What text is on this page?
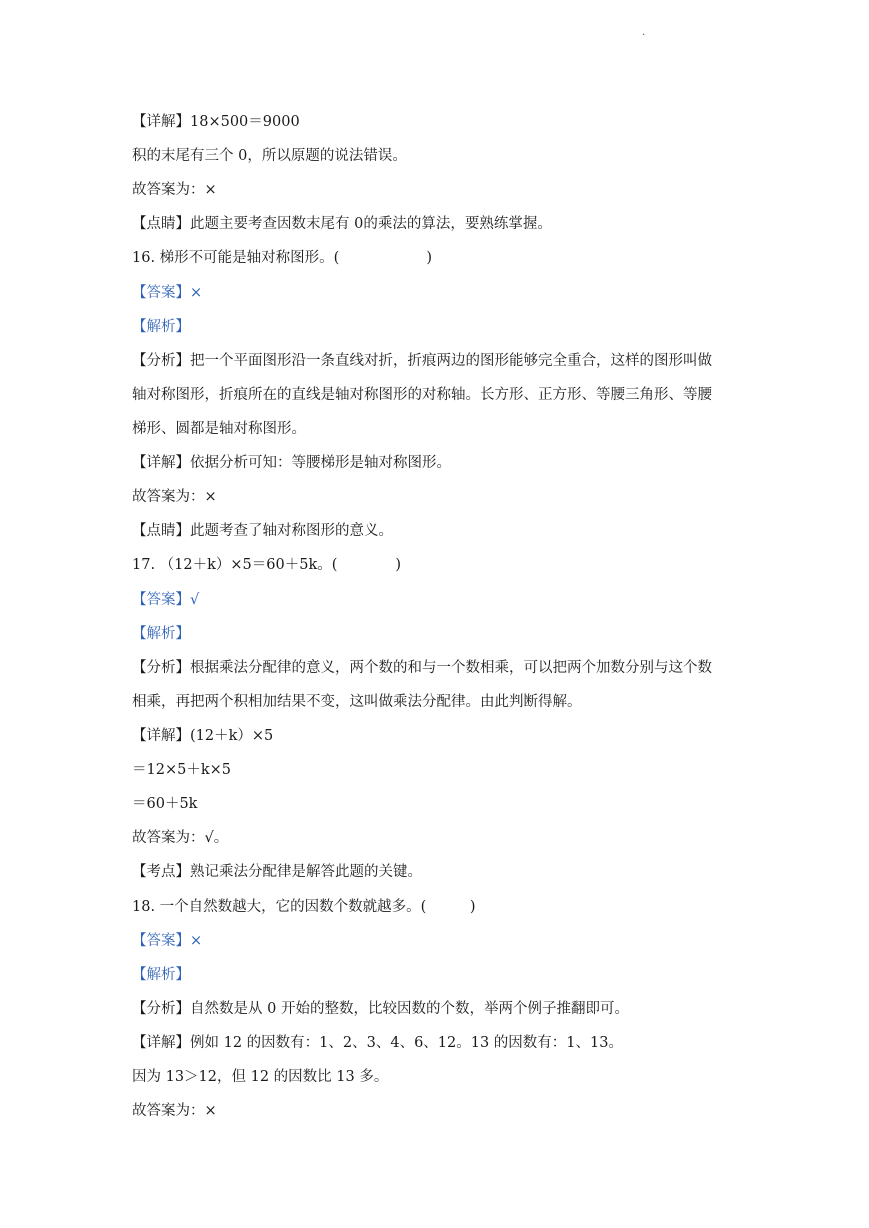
·
【详解】18×500＝9000
积的末尾有三个 0，所以原题的说法错误。
故答案为：×
【点睛】此题主要考查因数末尾有 0的乘法的算法，要熟练掌握。
16. 梯形不可能是轴对称图形。(　　　　　　)
【答案】×
【解析】
【分析】把一个平面图形沿一条直线对折，折痕两边的图形能够完全重合，这样的图形叫做
轴对称图形，折痕所在的直线是轴对称图形的对称轴。长方形、正方形、等腰三角形、等腰
梯形、圆都是轴对称图形。
【详解】依据分析可知：等腰梯形是轴对称图形。
故答案为：×
【点睛】此题考查了轴对称图形的意义。
17. （12＋k）×5＝60＋5k。(　　　　)
【答案】√
【解析】
【分析】根据乘法分配律的意义，两个数的和与一个数相乘，可以把两个加数分别与这个数
相乘，再把两个积相加结果不变，这叫做乘法分配律。由此判断得解。
【详解】(12＋k）×5
＝12×5＋k×5
＝60＋5k
故答案为：√。
【考点】熟记乘法分配律是解答此题的关键。
18. 一个自然数越大，它的因数个数就越多。(　　　)
【答案】×
【解析】
【分析】自然数是从 0 开始的整数，比较因数的个数，举两个例子推翻即可。
【详解】例如 12 的因数有：1、2、3、4、6、12。13 的因数有：1、13。
因为 13＞12，但 12 的因数比 13 多。
故答案为：×
